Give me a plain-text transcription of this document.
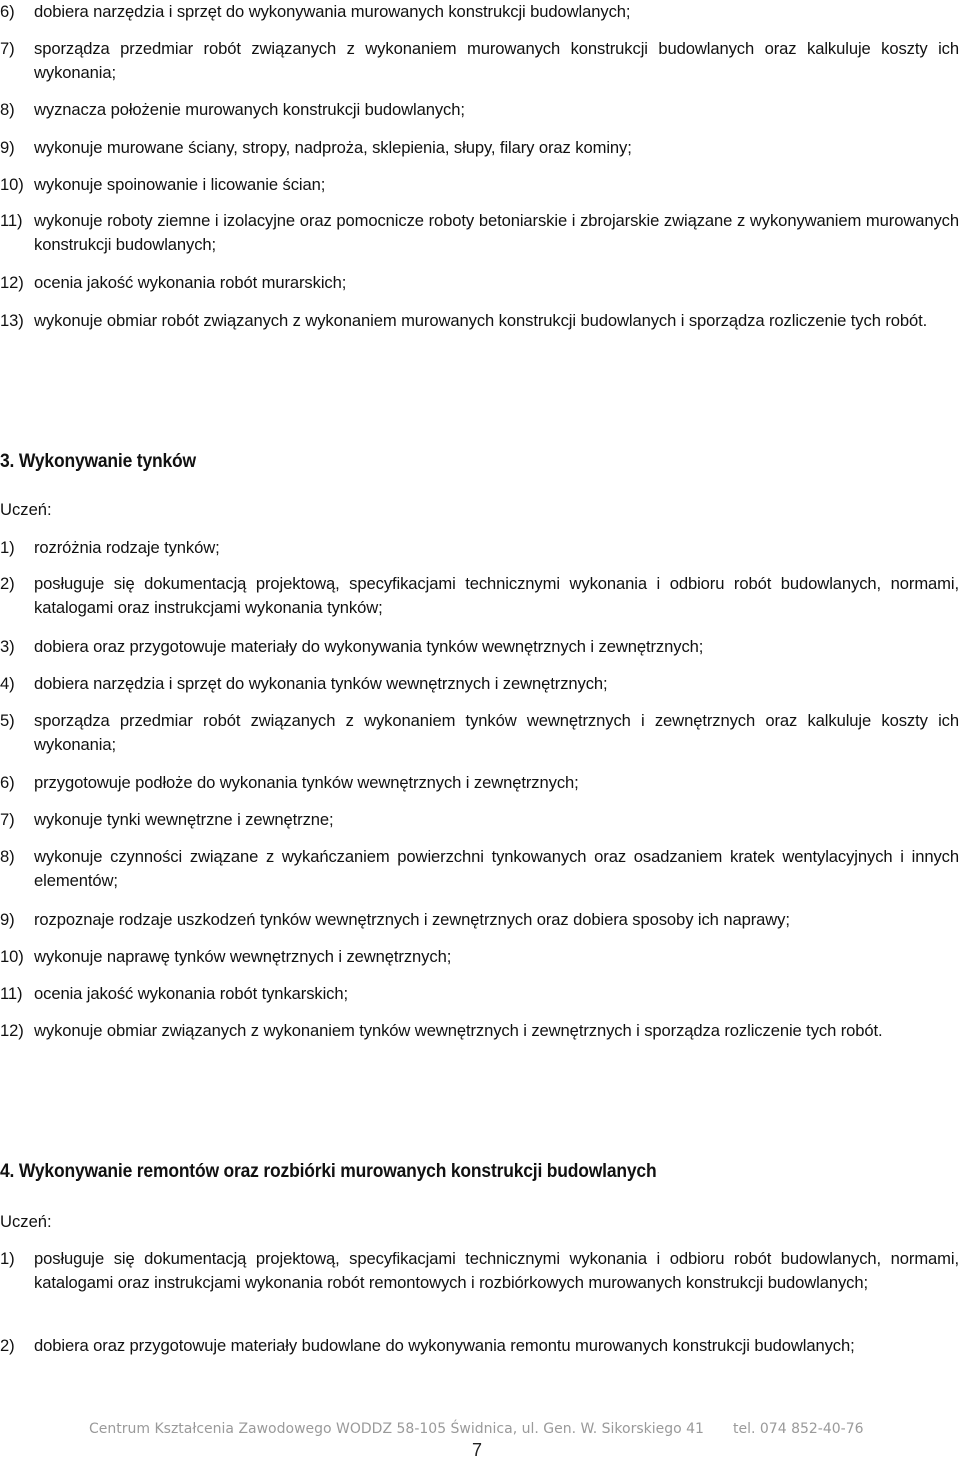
6)	dobiera narzędzia i sprzęt do wykonywania murowanych konstrukcji budowlanych;
7)	sporządza przedmiar robót związanych z wykonaniem murowanych konstrukcji budowlanych oraz kalkuluje koszty ich wykonania;
8)	wyznacza położenie murowanych konstrukcji budowlanych;
9)	wykonuje murowane ściany, stropy, nadproża, sklepienia, słupy, filary oraz kominy;
10) wykonuje spoinowanie i licowanie ścian;
11) wykonuje roboty ziemne i izolacyjne oraz pomocnicze roboty betoniarskie i zbrojarskie związane z wykonywaniem murowanych konstrukcji budowlanych;
12) ocenia jakość wykonania robót murarskich;
13) wykonuje obmiar robót związanych z wykonaniem murowanych konstrukcji budowlanych i sporządza rozliczenie tych robót.
3. Wykonywanie tynków
Uczeń:
1)	rozróżnia rodzaje tynków;
2)	posługuje się dokumentacją projektową, specyfikacjami technicznymi wykonania i odbioru robót budowlanych, normami, katalogami oraz instrukcjami wykonania tynków;
3)	dobiera oraz przygotowuje materiały do wykonywania tynków wewnętrznych i zewnętrznych;
4)	dobiera narzędzia i sprzęt do wykonania tynków wewnętrznych i zewnętrznych;
5)	sporządza przedmiar robót związanych z wykonaniem tynków wewnętrznych i zewnętrznych oraz kalkuluje koszty ich wykonania;
6)	przygotowuje podłoże do wykonania tynków wewnętrznych i zewnętrznych;
7)	wykonuje tynki wewnętrzne i zewnętrzne;
8)	wykonuje czynności związane z wykańczaniem powierzchni tynkowanych oraz osadzaniem kratek wentylacyjnych i innych elementów;
9)	rozpoznaje rodzaje uszkodzeń tynków wewnętrznych i zewnętrznych oraz dobiera sposoby ich naprawy;
10) wykonuje naprawę tynków wewnętrznych i zewnętrznych;
11) ocenia jakość wykonania robót tynkarskich;
12) wykonuje obmiar związanych z wykonaniem tynków wewnętrznych i zewnętrznych i sporządza rozliczenie tych robót.
4. Wykonywanie remontów oraz rozbiórki murowanych konstrukcji budowlanych
Uczeń:
1)	posługuje się dokumentacją projektową, specyfikacjami technicznymi wykonania i odbioru robót budowlanych, normami, katalogami oraz instrukcjami wykonania robót remontowych i rozbiórkowych murowanych konstrukcji budowlanych;
2)	dobiera oraz przygotowuje materiały budowlane do wykonywania remontu murowanych konstrukcji budowlanych;
Centrum Kształcenia Zawodowego WODDZ 58-105 Świdnica, ul. Gen. W. Sikorskiego 41 tel. 074 852-40-76
7
